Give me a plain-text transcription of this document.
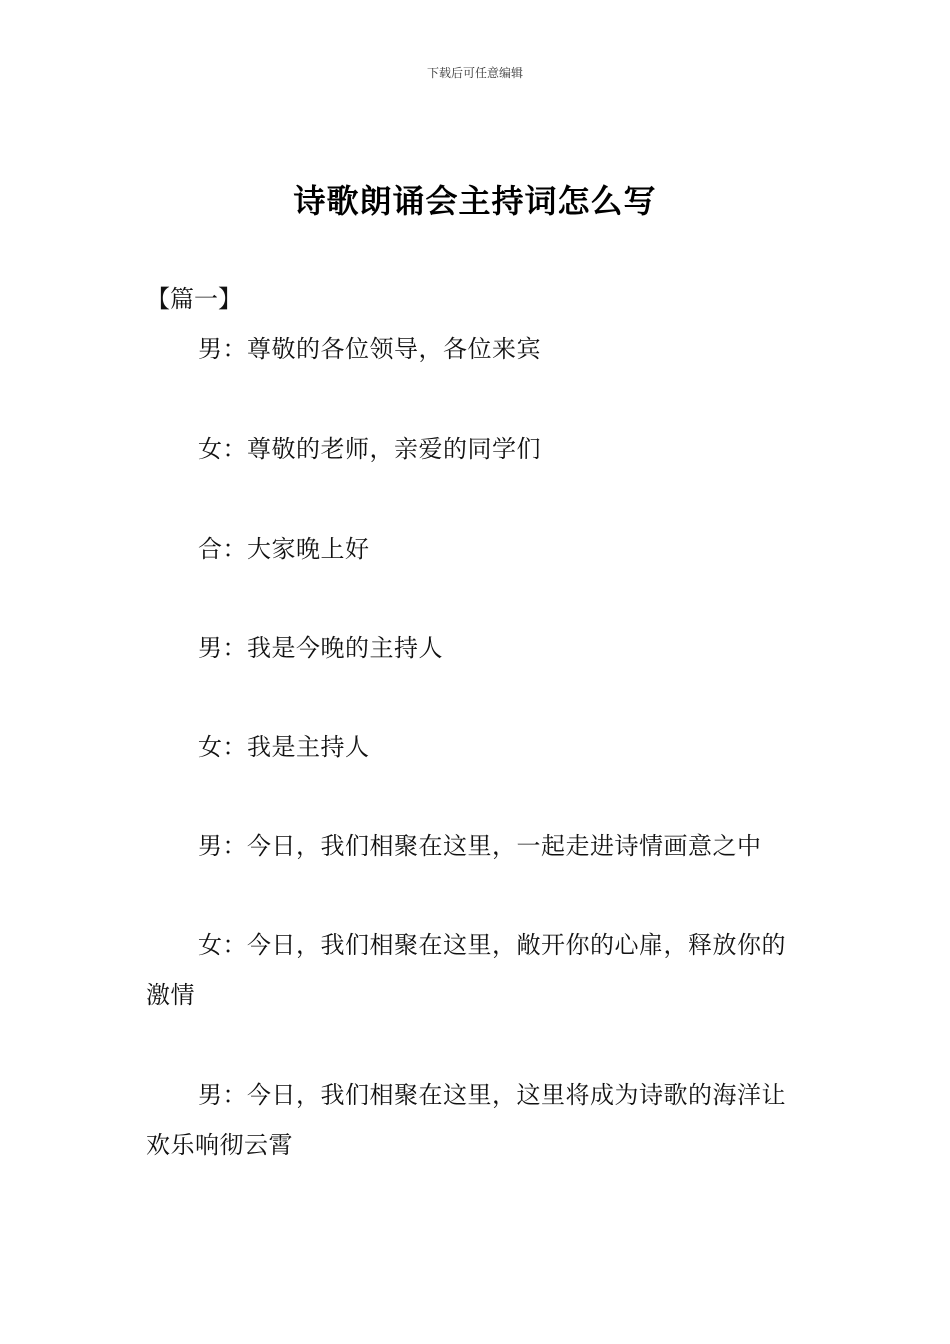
下载后可任意编辑
诗歌朗诵会主持词怎么写
【篇一】
男：尊敬的各位领导，各位来宾
女：尊敬的老师，亲爱的同学们
合：大家晚上好
男：我是今晚的主持人
女：我是主持人
男：今日，我们相聚在这里，一起走进诗情画意之中
女：今日，我们相聚在这里，敞开你的心扉，释放你的激情
男：今日，我们相聚在这里，这里将成为诗歌的海洋让欢乐响彻云霄
